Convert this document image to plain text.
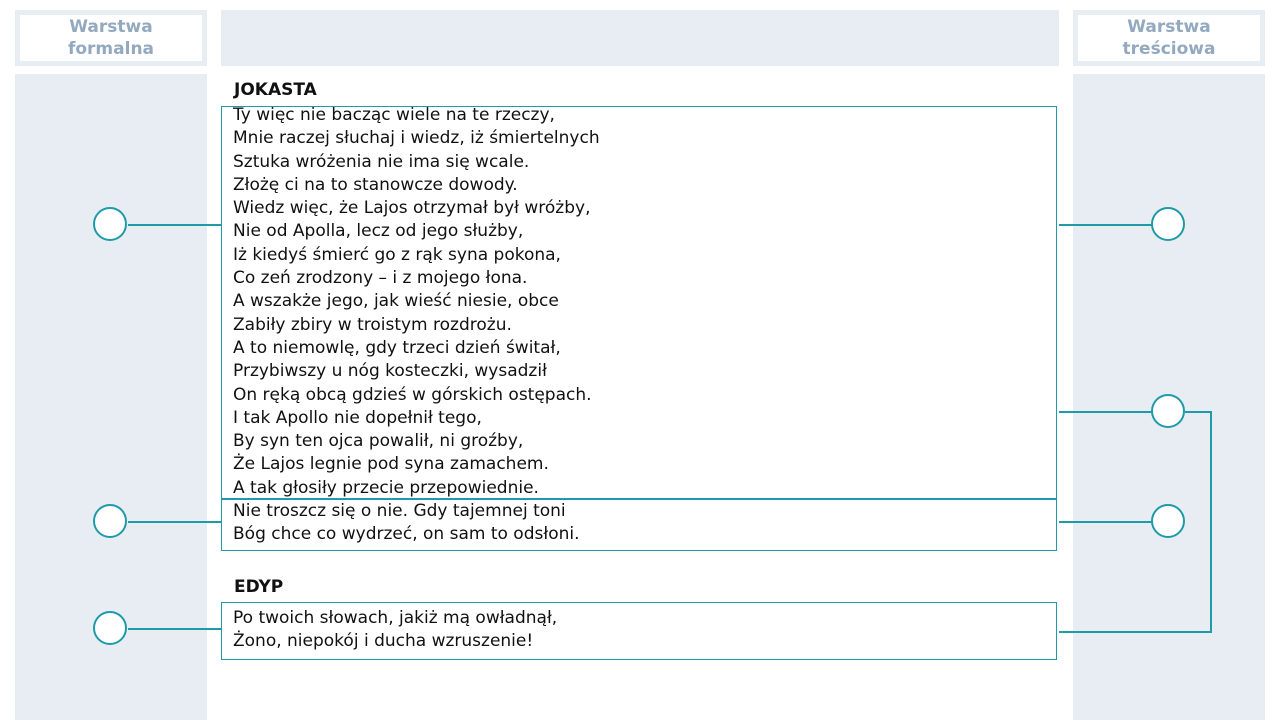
Warstwa
formalna
Warstwa
treściowa
JOKASTA
Ty więc nie bacząc wiele na te rzeczy,
Mnie raczej słuchaj i wiedz, iż śmiertelnych
Sztuka wróżenia nie ima się wcale.
Złożę ci na to stanowcze dowody.
Wiedz więc, że Lajos otrzymał był wróżby,
Nie od Apolla, lecz od jego służby,
Iż kiedyś śmierć go z rąk syna pokona,
Co zeń zrodzony – i z mojego łona.
A wszakże jego, jak wieść niesie, obce
Zabiły zbiry w troistym rozdrożu.
A to niemowlę, gdy trzeci dzień świtał,
Przybiwszy u nóg kosteczki, wysadził
On ręką obcą gdzieś w górskich ostępach.
I tak Apollo nie dopełnił tego,
By syn ten ojca powalił, ni groźby,
Że Lajos legnie pod syna zamachem.
A tak głosiły przecie przepowiednie.
Nie troszcz się o nie. Gdy tajemnej toni
Bóg chce co wydrzeć, on sam to odsłoni.
EDYP
Po twoich słowach, jakiż mą owładnął,
Żono, niepokój i ducha wzruszenie!
